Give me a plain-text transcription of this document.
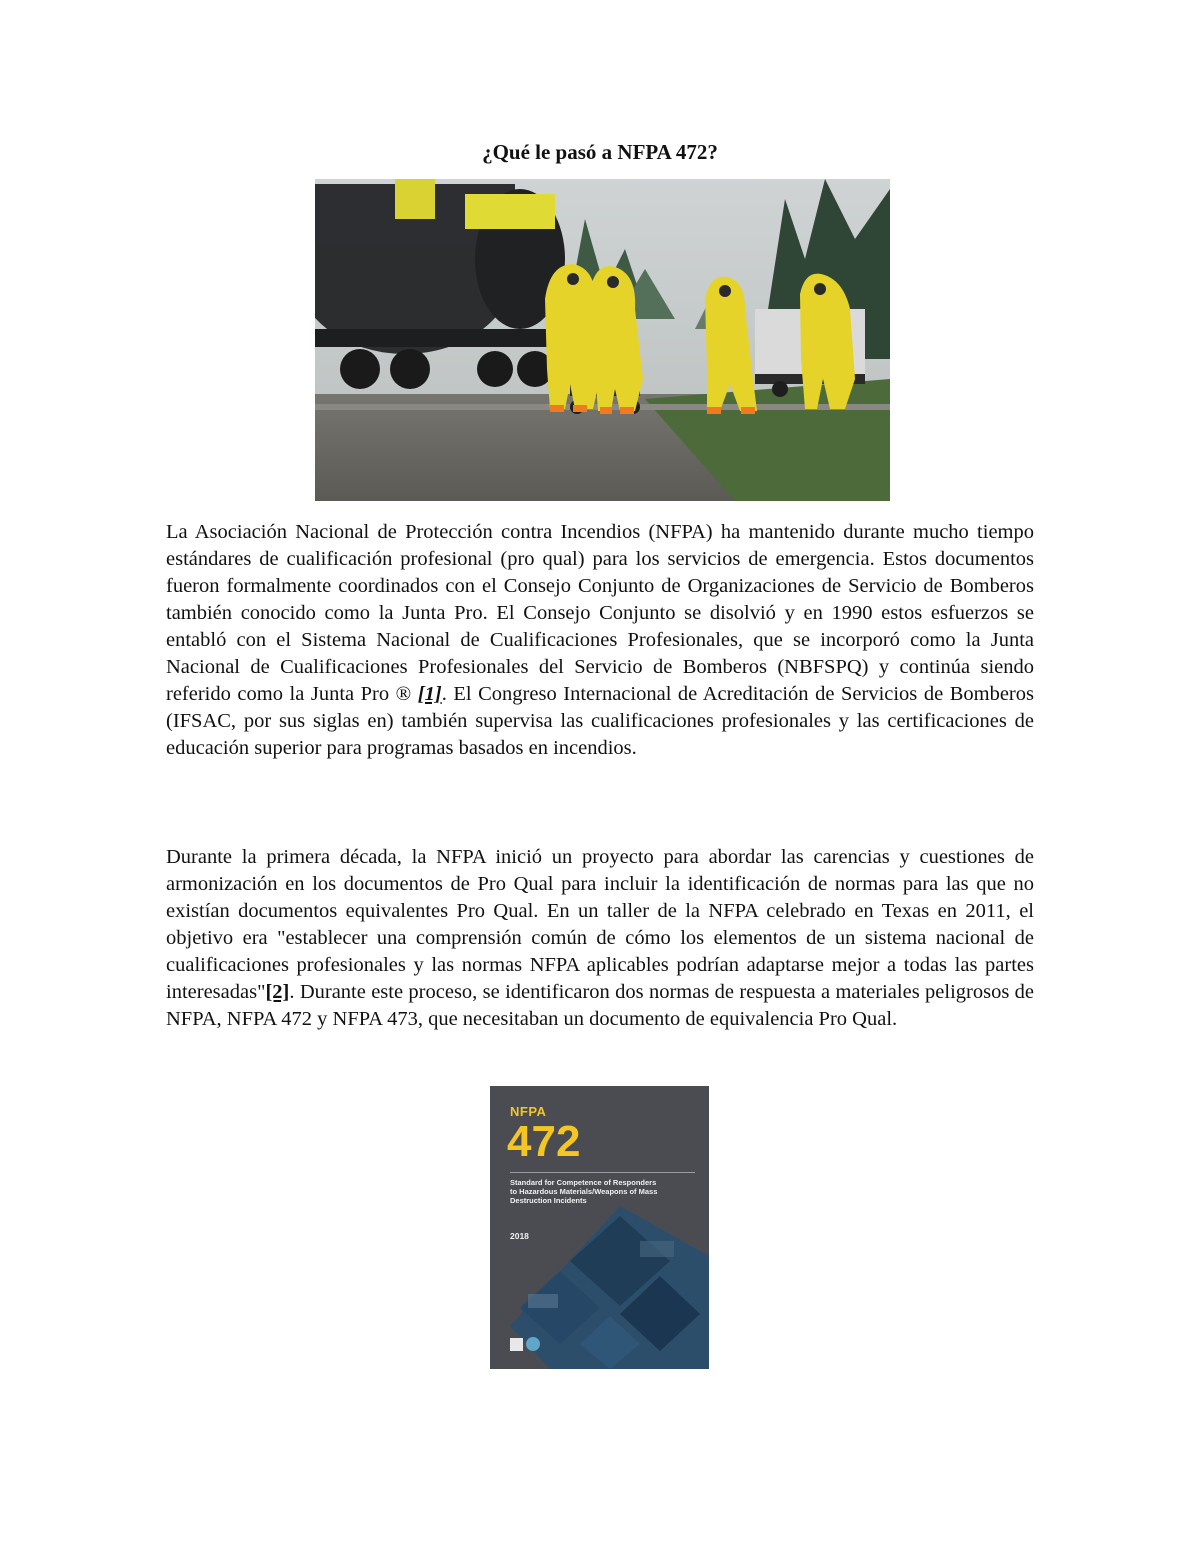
¿Qué le pasó a NFPA 472?

La Asociación Nacional de Protección contra Incendios (NFPA) ha mantenido durante mucho tiempo estándares de cualificación profesional (pro qual) para los servicios de emergencia. Estos documentos fueron formalmente coordinados con el Consejo Conjunto de Organizaciones de Servicio de Bomberos también conocido como la Junta Pro. El Consejo Conjunto se disolvió y en 1990 estos esfuerzos se entabló con el Sistema Nacional de Cualificaciones Profesionales, que se incorporó como la Junta Nacional de Cualificaciones Profesionales del Servicio de Bomberos (NBFSPQ) y continúa siendo referido como la Junta Pro ® [1]. El Congreso Internacional de Acreditación de Servicios de Bomberos (IFSAC, por sus siglas en) también supervisa las cualificaciones profesionales y las certificaciones de educación superior para programas basados en incendios.

Durante la primera década, la NFPA inició un proyecto para abordar las carencias y cuestiones de armonización en los documentos de Pro Qual para incluir la identificación de normas para las que no existían documentos equivalentes Pro Qual. En un taller de la NFPA celebrado en Texas en 2011, el objetivo era "establecer una comprensión común de cómo los elementos de un sistema nacional de cualificaciones profesionales y las normas NFPA aplicables podrían adaptarse mejor a todas las partes interesadas"[2]. Durante este proceso, se identificaron dos normas de respuesta a materiales peligrosos de NFPA, NFPA 472 y NFPA 473, que necesitaban un documento de equivalencia Pro Qual.

NFPA
472
Standard for Competence of Responders to Hazardous Materials/Weapons of Mass Destruction Incidents
2018
